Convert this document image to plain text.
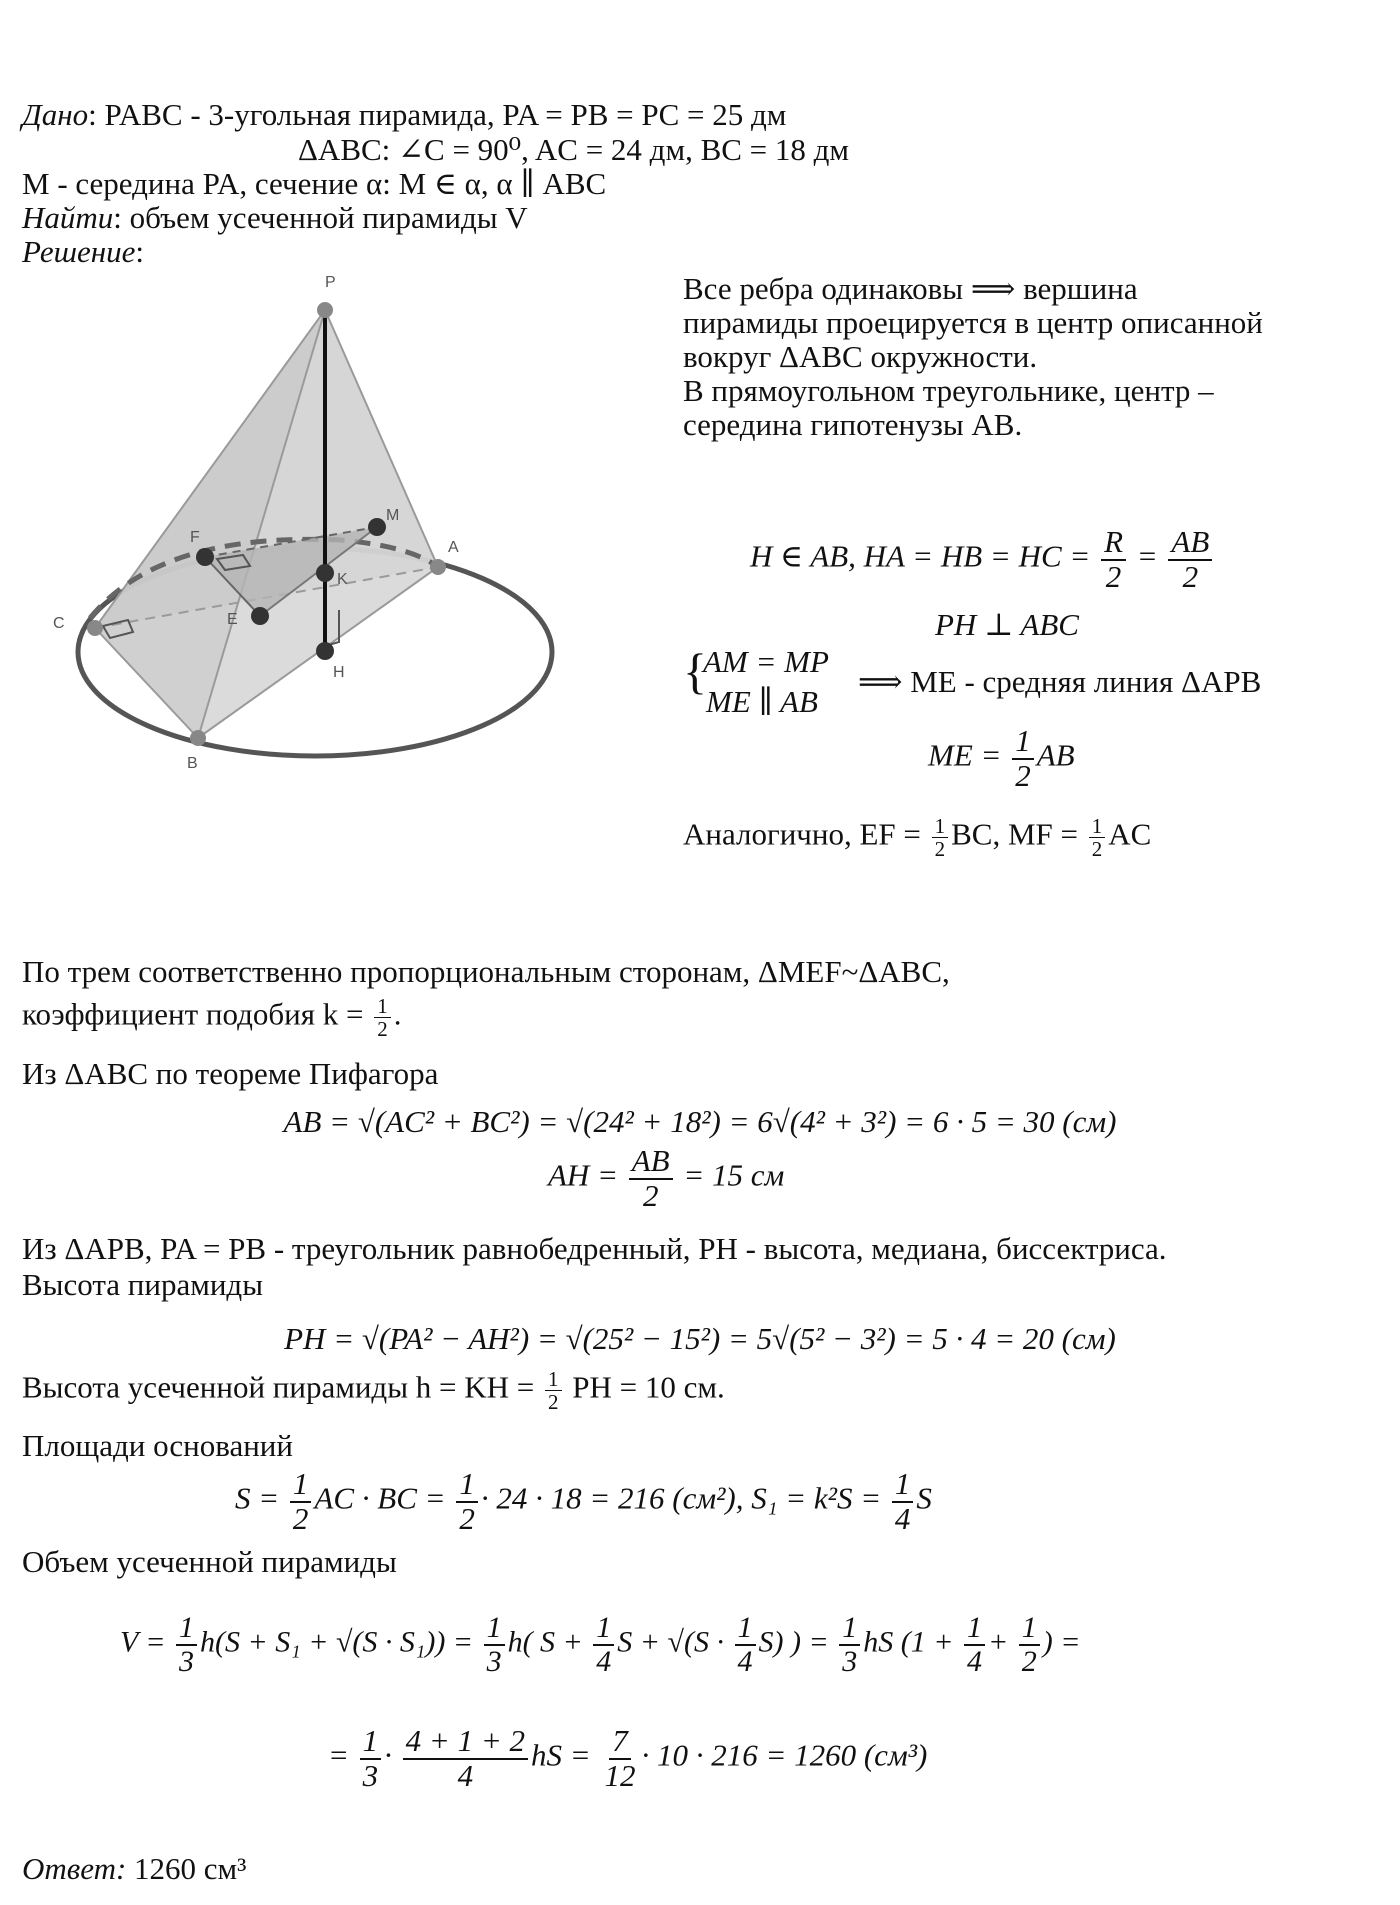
Дано: PABC - 3-угольная пирамида, PA = PB = PC = 25 дм
ΔABC: ∠C = 90⁰, AC = 24 дм, BC = 18 дм
M - середина PA, сечение α: M ∈ α, α ∥ ABC
Найти: объем усеченной пирамиды V
Решение:
P
M
F
K
E
A
C
H
B
Все ребра одинаковы ⟹ вершина
пирамиды проецируется в центр описанной
вокруг ΔABC окружности.
В прямоугольном треугольнике, центр –
середина гипотенузы AB.
H ∈ AB, HA = HB = HC = $\frac{R}{2} = \frac{AB}{2}$
PH ⊥ ABC
{
AM = MP
ME ∥ AB
⟹ ME - средняя линия ΔAPB
ME = $\frac{1}{2}$ AB
Аналогично, EF = $\frac{1}{2}$ BC, MF = $\frac{1}{2}$ AC
По трем соответственно пропорциональным сторонам, ΔMEF~ΔABC,
коэффициент подобия $k = \frac{1}{2}$ .
Из ΔABC по теореме Пифагора
AB = √(AC² + BC²) = √(24² + 18²) = 6√(4² + 3²) = 6 · 5 = 30 (см)
AH = $\frac{AB}{2} = 15$ см
Из ΔAPB, PA = PB - треугольник равнобедренный, PH - высота, медиана, биссектриса.
Высота пирамиды
PH = √(PA² − AH²) = √(25² − 15²) = 5√(5² − 3²) = 5 · 4 = 20 (см)
Высота усеченной пирамиды h = KH = $\frac{1}{2}$ PH = 10 см.
Площади оснований
$S = \frac{1}{2}$ AC · BC = $\frac{1}{2} \cdot 24 \cdot 18 = 216$ (см²), $S_1 = k^2S = \frac{1}{4}$ S
Объем усеченной пирамиды
$V = \frac{1}{3} h(S + S_1 + √(S \cdot S_1)) = \frac{1}{3} h$( $S + \frac{1}{4}$ $S + √(S \cdot \frac{1}{4} S)$ ) = $\frac{1}{3}$ hS ($1 + \frac{1}{4} + \frac{1}{2}$ ) =
= $\frac{1}{3} \cdot \frac{4 + 1 + 2}{4}$ hS = $\frac{7}{12} \cdot 10 \cdot 216 = 1260$ (см³)
Ответ: 1260 см³
